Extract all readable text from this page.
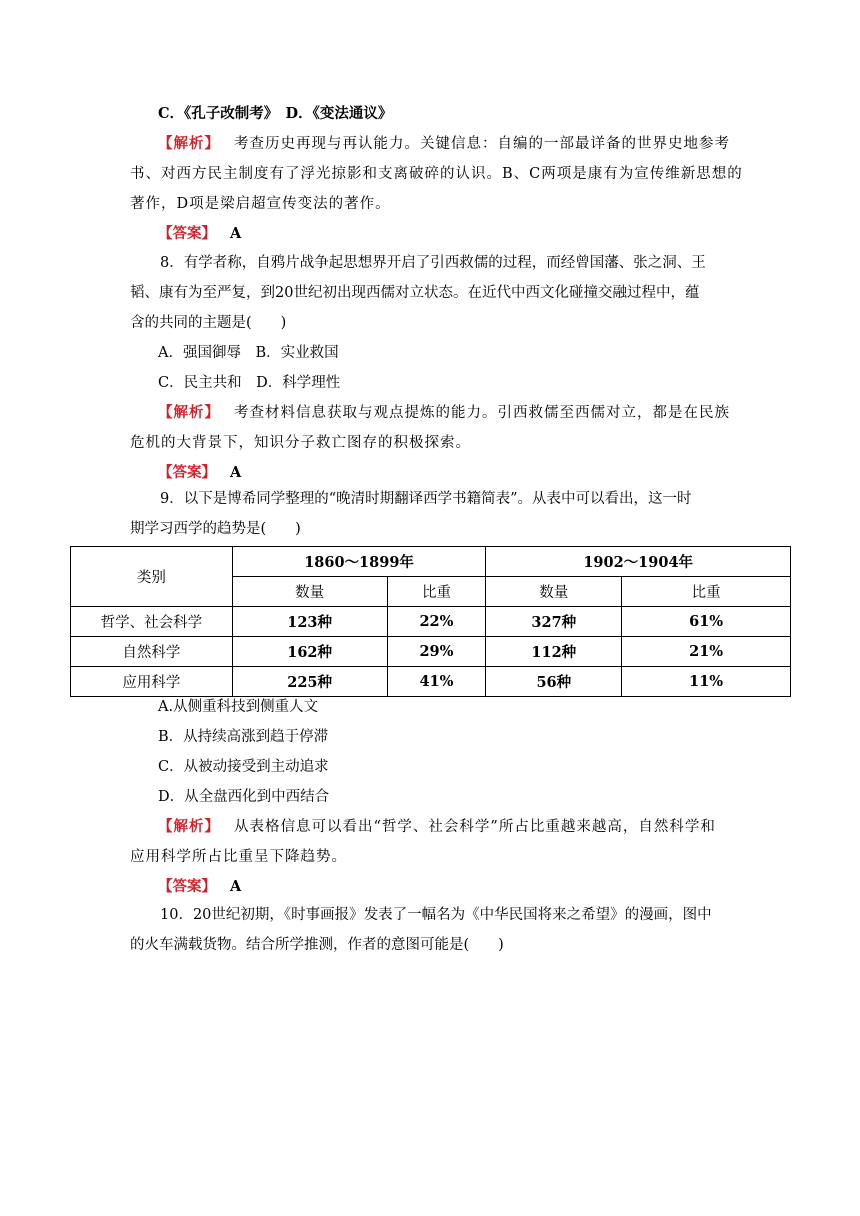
C．《孔子改制考》　D．《变法通议》
【解析】 考查历史再现与再认能力。关键信息：自编的一部最详备的世界史地参考
书、对西方民主制度有了浮光掠影和支离破碎的认识。B、C两项是康有为宣传维新思想的
著作，D项是梁启超宣传变法的著作。
【答案】 A
8．有学者称，自鸦片战争起思想界开启了引西救儒的过程，而经曾国藩、张之洞、王
韬、康有为至严复，到20世纪初出现西儒对立状态。在近代中西文化碰撞交融过程中，蕴
含的共同的主题是(　　)
A．强国御辱　B．实业救国
C．民主共和　D．科学理性
【解析】 考查材料信息获取与观点提炼的能力。引西救儒至西儒对立，都是在民族
危机的大背景下，知识分子救亡图存的积极探索。
【答案】 A
9．以下是博希同学整理的“晚清时期翻译西学书籍简表”。从表中可以看出，这一时
期学习西学的趋势是(　　)
类别	1860～1899年		1902～1904年	
	数量	比重	数量	比重
哲学、社会科学	123种	22%	327种	61%
自然科学	162种	29%	112种	21%
应用科学	225种	41%	56种	11%
A.从侧重科技到侧重人文
B．从持续高涨到趋于停滞
C．从被动接受到主动追求
D．从全盘西化到中西结合
【解析】 从表格信息可以看出“哲学、社会科学”所占比重越来越高，自然科学和
应用科学所占比重呈下降趋势。
【答案】 A
10．20世纪初期，《时事画报》发表了一幅名为《中华民国将来之希望》的漫画，图中
的火车满载货物。结合所学推测，作者的意图可能是(　　)
